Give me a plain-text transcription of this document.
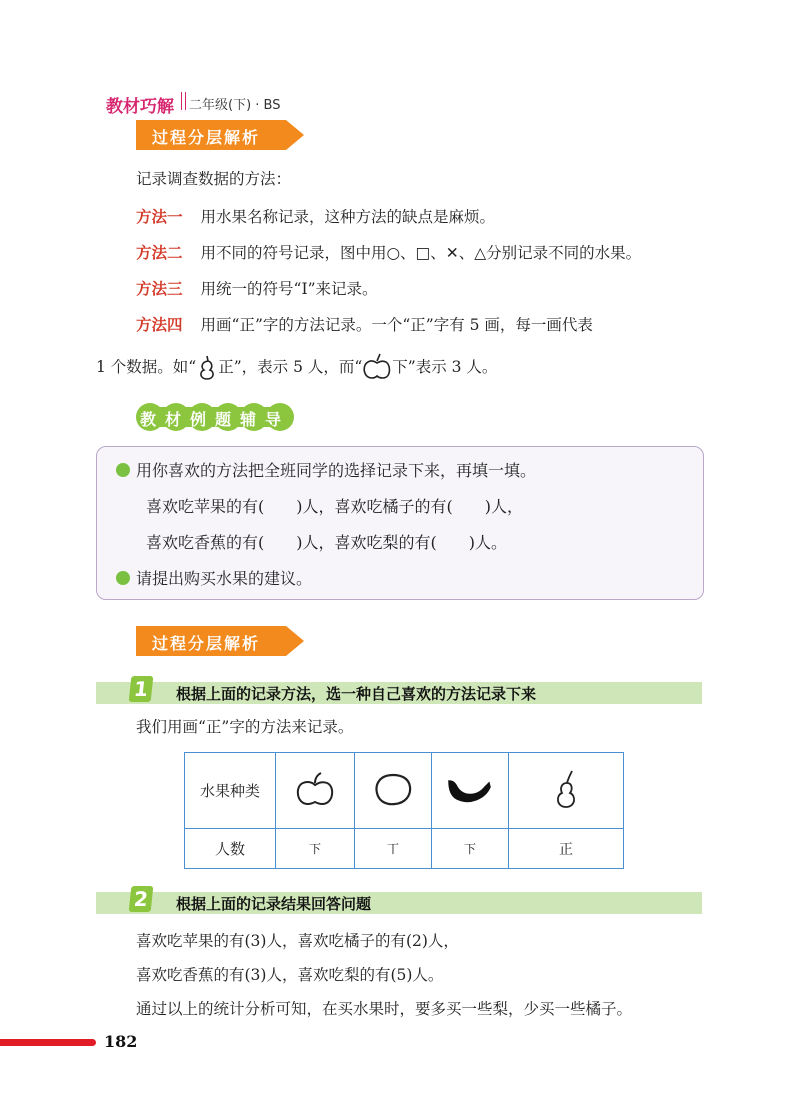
教材巧解 二年级(下) · BS
过程分层解析
记录调查数据的方法：
方法一 用水果名称记录，这种方法的缺点是麻烦。
方法二 用不同的符号记录，图中用○、□、✕、△分别记录不同的水果。
方法三 用统一的符号“Ⅰ”来记录。
方法四 用画“正”字的方法记录。一个“正”字有 5 画，每一画代表
1 个数据。如“ 正”，表示 5 人，而“ 下”表示 3 人。
教材例题辅导
用你喜欢的方法把全班同学的选择记录下来，再填一填。
喜欢吃苹果的有(　　)人，喜欢吃橘子的有(　　)人，
喜欢吃香蕉的有(　　)人，喜欢吃梨的有(　　)人。
请提出购买水果的建议。
过程分层解析
1 根据上面的记录方法，选一种自己喜欢的方法记录下来
我们用画“正”字的方法来记录。
水果种类				
人数	下	丅	下	正
2 根据上面的记录结果回答问题
喜欢吃苹果的有(3)人，喜欢吃橘子的有(2)人，
喜欢吃香蕉的有(3)人，喜欢吃梨的有(5)人。
通过以上的统计分析可知，在买水果时，要多买一些梨，少买一些橘子。
182
